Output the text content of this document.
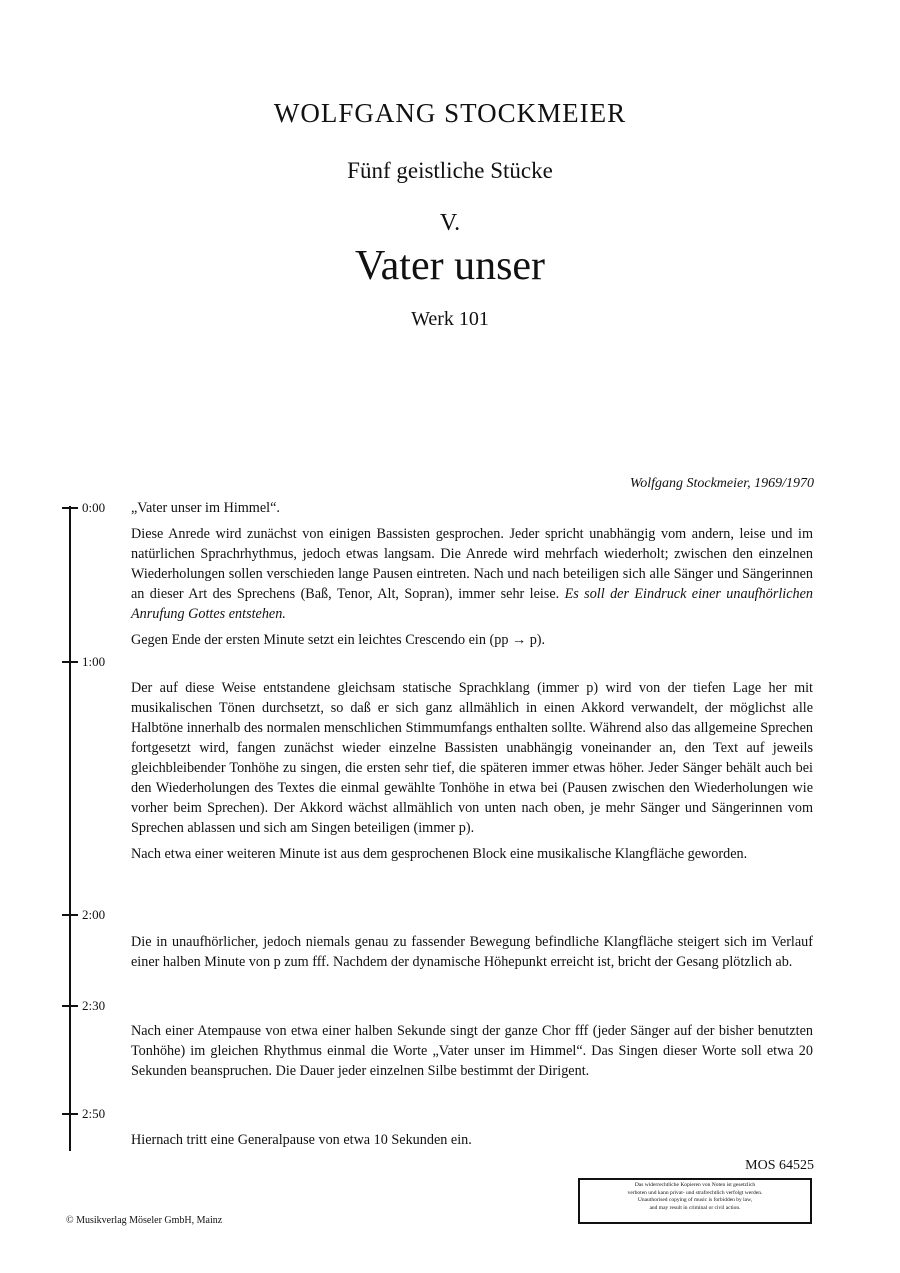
WOLFGANG STOCKMEIER
Fünf geistliche Stücke
V.
Vater unser
Werk 101
Wolfgang Stockmeier, 1969/1970
0:00
1:00
2:00
2:30
2:50

„Vater unser im Himmel“.

Diese Anrede wird zunächst von einigen Bassisten gesprochen. Jeder spricht unabhängig vom andern, leise und im natürlichen Sprachrhythmus, jedoch etwas langsam. Die Anrede wird mehrfach wiederholt; zwischen den einzelnen Wiederholungen sollen verschieden lange Pausen eintreten. Nach und nach beteiligen sich alle Sänger und Sängerinnen an dieser Art des Sprechens (Baß, Tenor, Alt, Sopran), immer sehr leise. Es soll der Eindruck einer unaufhörlichen Anrufung Gottes entstehen.

Gegen Ende der ersten Minute setzt ein leichtes Crescendo ein (pp → p).

Der auf diese Weise entstandene gleichsam statische Sprachklang (immer p) wird von der tiefen Lage her mit musikalischen Tönen durchsetzt, so daß er sich ganz allmählich in einen Akkord verwandelt, der möglichst alle Halbtöne innerhalb des normalen menschlichen Stimmumfangs enthalten sollte. Während also das allgemeine Sprechen fortgesetzt wird, fangen zunächst wieder einzelne Bassisten unabhängig voneinander an, den Text auf jeweils gleichbleibender Tonhöhe zu singen, die ersten sehr tief, die späteren immer etwas höher. Jeder Sänger behält auch bei den Wiederholungen des Textes die einmal gewählte Tonhöhe in etwa bei (Pausen zwischen den Wiederholungen wie vorher beim Sprechen). Der Akkord wächst allmählich von unten nach oben, je mehr Sänger und Sängerinnen vom Sprechen ablassen und sich am Singen beteiligen (immer p).

Nach etwa einer weiteren Minute ist aus dem gesprochenen Block eine musikalische Klangfläche geworden.

Die in unaufhörlicher, jedoch niemals genau zu fassender Bewegung befindliche Klangfläche steigert sich im Verlauf einer halben Minute von p zum fff. Nachdem der dynamische Höhepunkt erreicht ist, bricht der Gesang plötzlich ab.

Nach einer Atempause von etwa einer halben Sekunde singt der ganze Chor fff (jeder Sänger auf der bisher benutzten Tonhöhe) im gleichen Rhythmus einmal die Worte „Vater unser im Himmel“. Das Singen dieser Worte soll etwa 20 Sekunden beanspruchen. Die Dauer jeder einzelnen Silbe bestimmt der Dirigent.

Hiernach tritt eine Generalpause von etwa 10 Sekunden ein.

MOS 64525
Das widerrechtliche Kopieren von Noten ist gesetzlich
verboten und kann privat- und strafrechtlich verfolgt werden.
Unauthorised copying of music is forbidden by law,
and may result in criminal or civil action.
© Musikverlag Möseler GmbH, Mainz
